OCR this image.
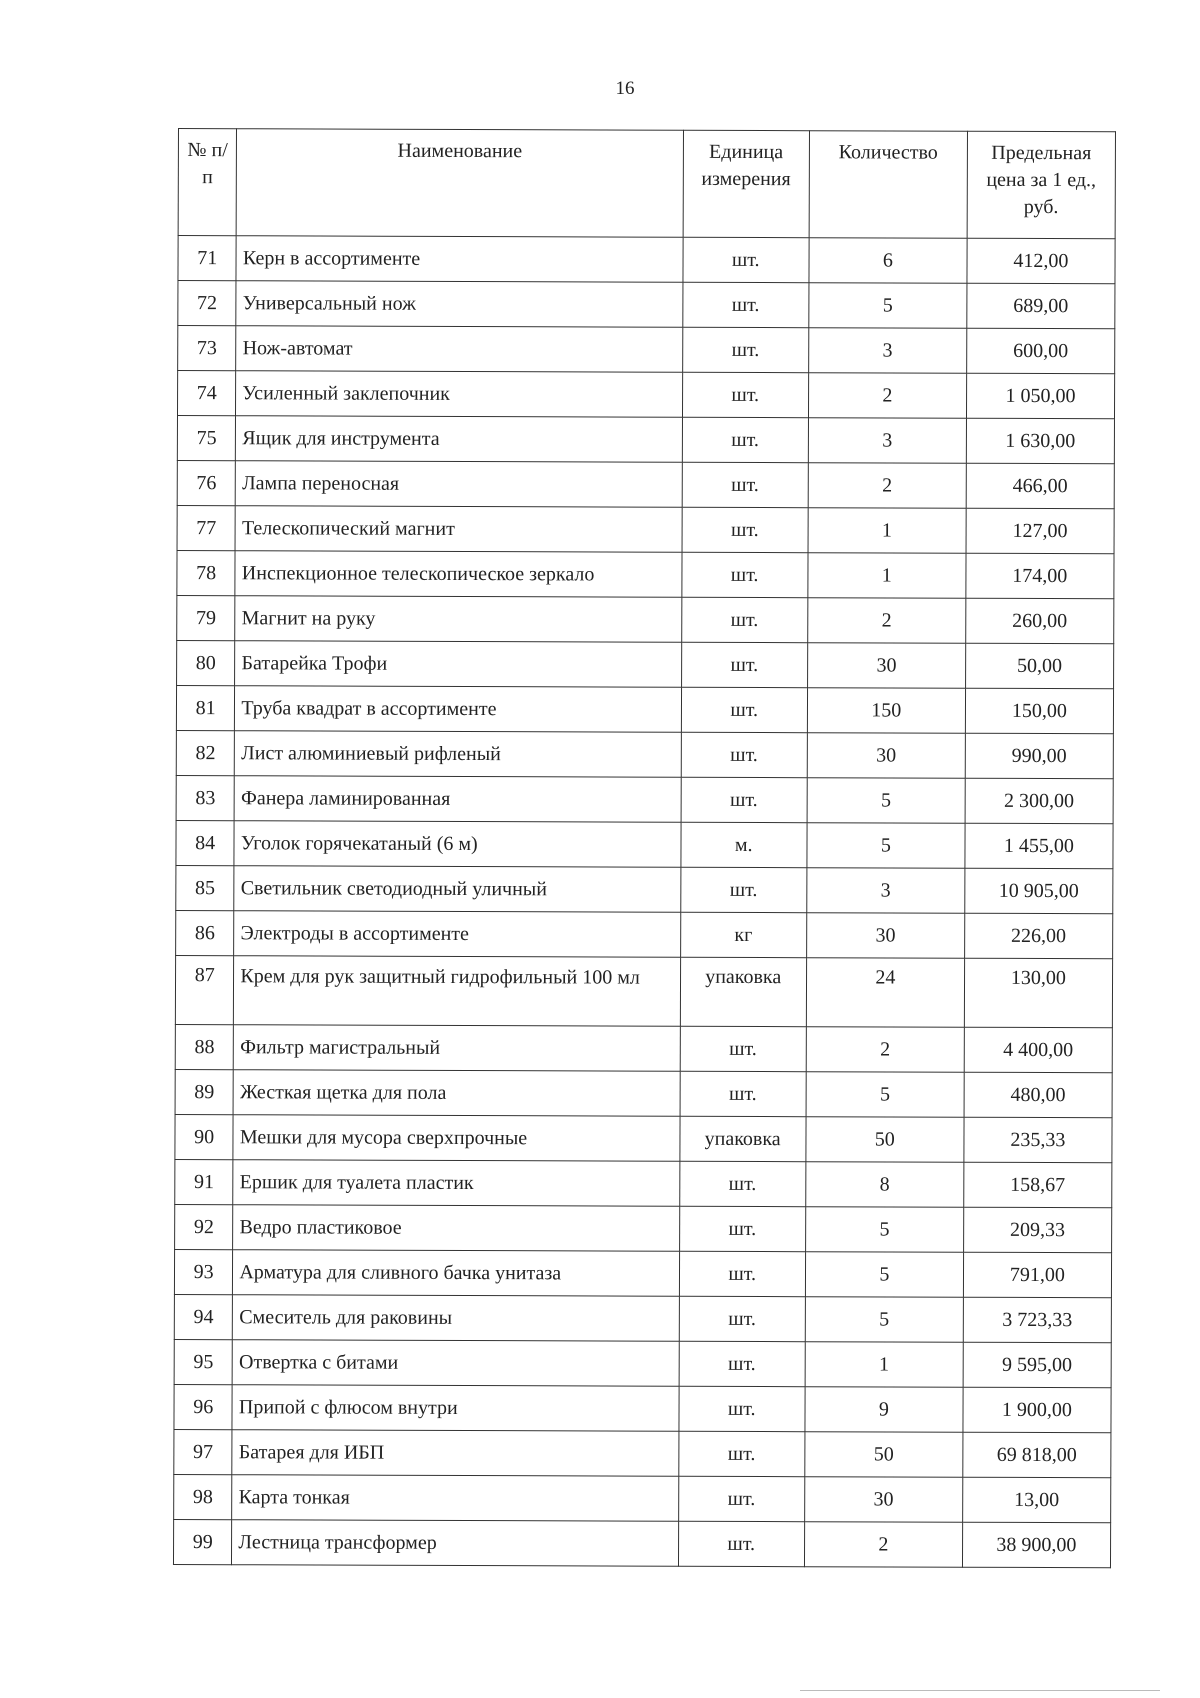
16
№ п/п	Наименование	Единица измерения	Количество	Предельная цена за 1 ед., руб.
71	Керн в ассортименте	шт.	6	412,00
72	Универсальный нож	шт.	5	689,00
73	Нож-автомат	шт.	3	600,00
74	Усиленный заклепочник	шт.	2	1 050,00
75	Ящик для инструмента	шт.	3	1 630,00
76	Лампа переносная	шт.	2	466,00
77	Телескопический магнит	шт.	1	127,00
78	Инспекционное телескопическое зеркало	шт.	1	174,00
79	Магнит на руку	шт.	2	260,00
80	Батарейка Трофи	шт.	30	50,00
81	Труба квадрат в ассортименте	шт.	150	150,00
82	Лист алюминиевый рифленый	шт.	30	990,00
83	Фанера ламинированная	шт.	5	2 300,00
84	Уголок горячекатаный (6 м)	м.	5	1 455,00
85	Светильник светодиодный уличный	шт.	3	10 905,00
86	Электроды в ассортименте	кг	30	226,00
87	Крем для рук защитный гидрофильный 100 мл	упаковка	24	130,00
88	Фильтр магистральный	шт.	2	4 400,00
89	Жесткая щетка для пола	шт.	5	480,00
90	Мешки для мусора сверхпрочные	упаковка	50	235,33
91	Ершик для туалета пластик	шт.	8	158,67
92	Ведро пластиковое	шт.	5	209,33
93	Арматура для сливного бачка унитаза	шт.	5	791,00
94	Смеситель для раковины	шт.	5	3 723,33
95	Отвертка с битами	шт.	1	9 595,00
96	Припой с флюсом внутри	шт.	9	1 900,00
97	Батарея для ИБП	шт.	50	69 818,00
98	Карта тонкая	шт.	30	13,00
99	Лестница трансформер	шт.	2	38 900,00
